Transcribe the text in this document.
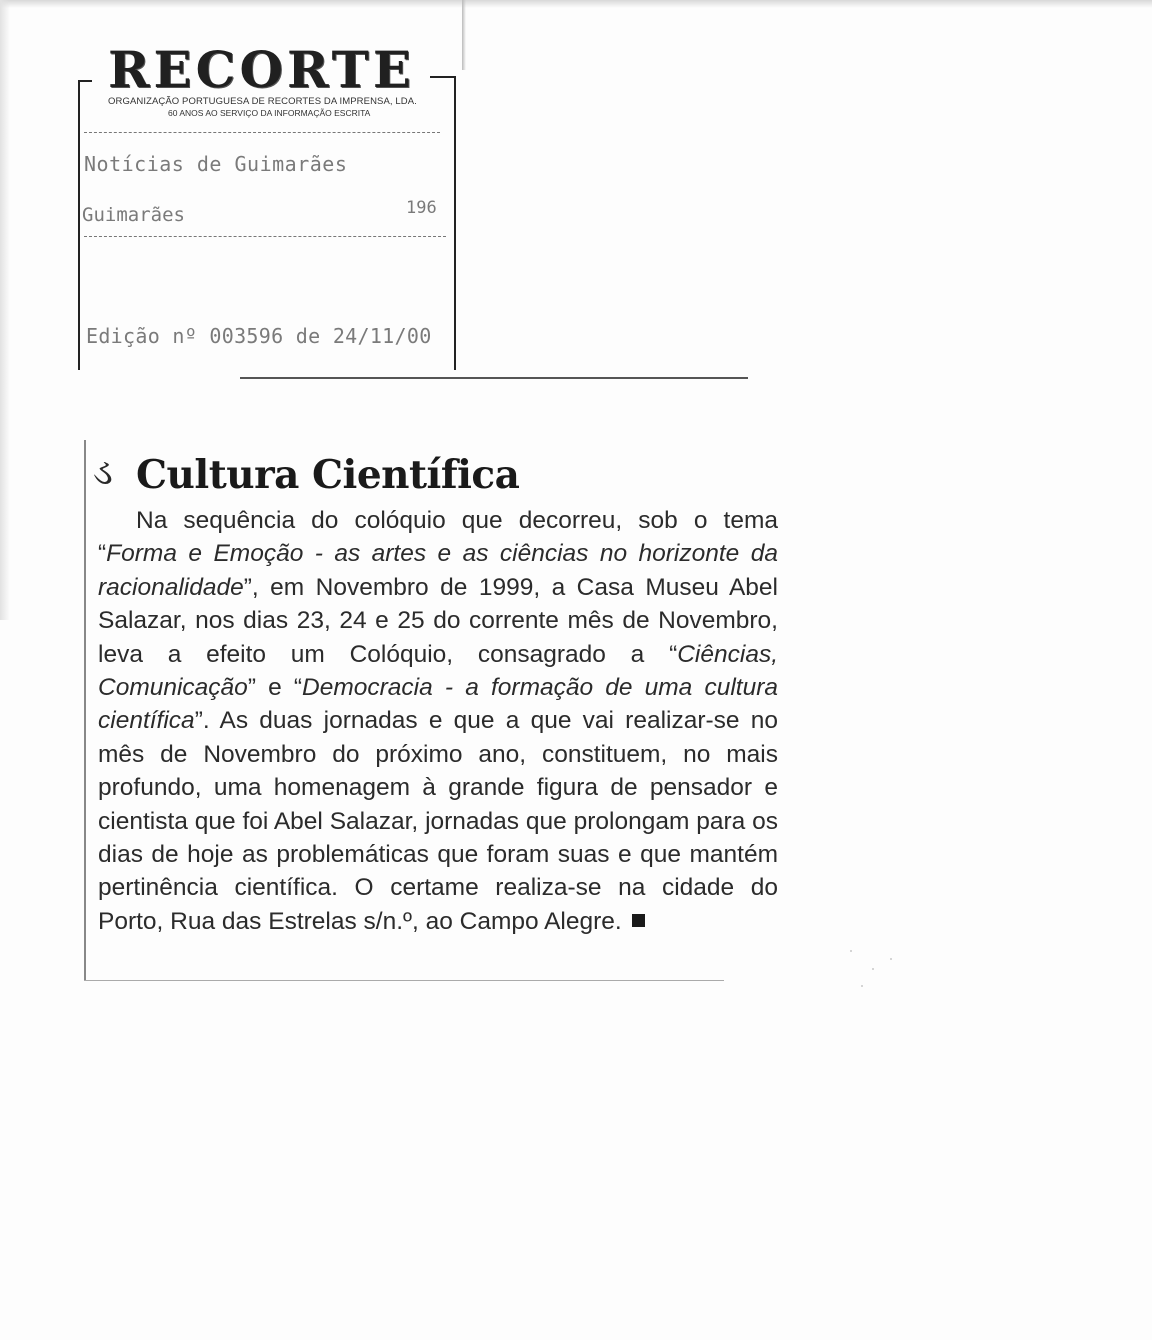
RECORTE
ORGANIZAÇÃO PORTUGUESA DE RECORTES DA IMPRENSA, LDA.
60 ANOS AO SERVIÇO DA INFORMAÇÃO ESCRITA
Notícias de Guimarães
Guimarães	196
Edição nº 003596 de 24/11/00
ડ Cultura Científica

Na sequência do colóquio que decorreu, sob o tema “Forma e Emoção - as artes e as ciências no horizonte da racionalidade”, em Novembro de 1999, a Casa Museu Abel Salazar, nos dias 23, 24 e 25 do corrente mês de Novembro, leva a efeito um Colóquio, consagrado a “Ciências, Comunicação” e “Democracia - a formação de uma cultura científica”. As duas jornadas e que a que vai realizar-se no mês de Novembro do próximo ano, constituem, no mais profundo, uma homenagem à grande figura de pensador e cientista que foi Abel Salazar, jornadas que prolongam para os dias de hoje as problemáticas que foram suas e que mantém pertinência científica. O certame realiza-se na cidade do Porto, Rua das Estrelas s/n.º, ao Campo Alegre.
